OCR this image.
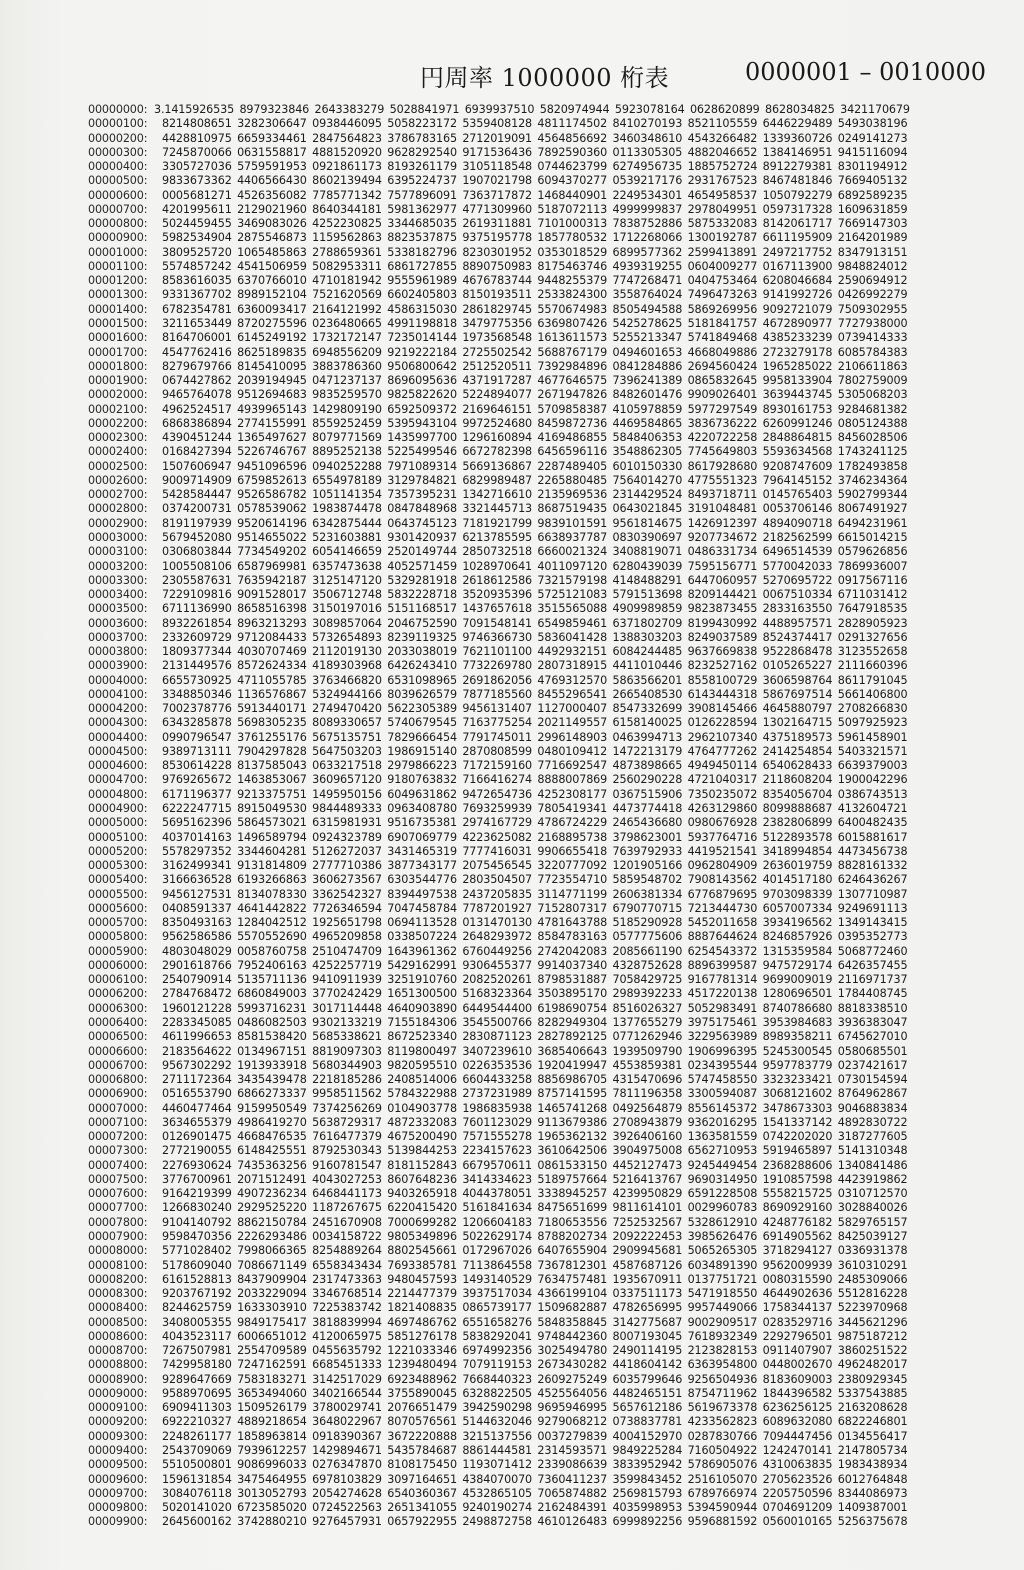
円周率 1000000 桁表	0000001 – 0010000
00000000: 3.1415926535 8979323846 2643383279 5028841971 6939937510 5820974944 5923078164 0628620899 8628034825 3421170679
00000100:	8214808651 3282306647 0938446095 5058223172 5359408128 4811174502 8410270193 8521105559 6446229489 5493038196
00000200:	4428810975 6659334461 2847564823 3786783165 2712019091 4564856692 3460348610 4543266482 1339360726 0249141273
00000300:	7245870066 0631558817 4881520920 9628292540 9171536436 7892590360 0113305305 4882046652 1384146951 9415116094
00000400:	3305727036 5759591953 0921861173 8193261179 3105118548 0744623799 6274956735 1885752724 8912279381 8301194912
00000500:	9833673362 4406566430 8602139494 6395224737 1907021798 6094370277 0539217176 2931767523 8467481846 7669405132
00000600:	0005681271 4526356082 7785771342 7577896091 7363717872 1468440901 2249534301 4654958537 1050792279 6892589235
00000700:	4201995611 2129021960 8640344181 5981362977 4771309960 5187072113 4999999837 2978049951 0597317328 1609631859
00000800:	5024459455 3469083026 4252230825 3344685035 2619311881 7101000313 7838752886 5875332083 8142061717 7669147303
00000900:	5982534904 2875546873 1159562863 8823537875 9375195778 1857780532 1712268066 1300192787 6611195909 2164201989
00001000:	3809525720 1065485863 2788659361 5338182796 8230301952 0353018529 6899577362 2599413891 2497217752 8347913151
00001100:	5574857242 4541506959 5082953311 6861727855 8890750983 8175463746 4939319255 0604009277 0167113900 9848824012
00001200:	8583616035 6370766010 4710181942 9555961989 4676783744 9448255379 7747268471 0404753464 6208046684 2590694912
00001300:	9331367702 8989152104 7521620569 6602405803 8150193511 2533824300 3558764024 7496473263 9141992726 0426992279
00001400:	6782354781 6360093417 2164121992 4586315030 2861829745 5570674983 8505494588 5869269956 9092721079 7509302955
00001500:	3211653449 8720275596 0236480665 4991198818 3479775356 6369807426 5425278625 5181841757 4672890977 7727938000
00001600:	8164706001 6145249192 1732172147 7235014144 1973568548 1613611573 5255213347 5741849468 4385233239 0739414333
00001700:	4547762416 8625189835 6948556209 9219222184 2725502542 5688767179 0494601653 4668049886 2723279178 6085784383
00001800:	8279679766 8145410095 3883786360 9506800642 2512520511 7392984896 0841284886 2694560424 1965285022 2106611863
00001900:	0674427862 2039194945 0471237137 8696095636 4371917287 4677646575 7396241389 0865832645 9958133904 7802759009
00002000:	9465764078 9512694683 9835259570 9825822620 5224894077 2671947826 8482601476 9909026401 3639443745 5305068203
00002100:	4962524517 4939965143 1429809190 6592509372 2169646151 5709858387 4105978859 5977297549 8930161753 9284681382
00002200:	6868386894 2774155991 8559252459 5395943104 9972524680 8459872736 4469584865 3836736222 6260991246 0805124388
00002300:	4390451244 1365497627 8079771569 1435997700 1296160894 4169486855 5848406353 4220722258 2848864815 8456028506
00002400:	0168427394 5226746767 8895252138 5225499546 6672782398 6456596116 3548862305 7745649803 5593634568 1743241125
00002500:	1507606947 9451096596 0940252288 7971089314 5669136867 2287489405 6010150330 8617928680 9208747609 1782493858
00002600:	9009714909 6759852613 6554978189 3129784821 6829989487 2265880485 7564014270 4775551323 7964145152 3746234364
00002700:	5428584447 9526586782 1051141354 7357395231 1342716610 2135969536 2314429524 8493718711 0145765403 5902799344
00002800:	0374200731 0578539062 1983874478 0847848968 3321445713 8687519435 0643021845 3191048481 0053706146 8067491927
00002900:	8191197939 9520614196 6342875444 0643745123 7181921799 9839101591 9561814675 1426912397 4894090718 6494231961
00003000:	5679452080 9514655022 5231603881 9301420937 6213785595 6638937787 0830390697 9207734672 2182562599 6615014215
00003100:	0306803844 7734549202 6054146659 2520149744 2850732518 6660021324 3408819071 0486331734 6496514539 0579626856
00003200:	1005508106 6587969981 6357473638 4052571459 1028970641 4011097120 6280439039 7595156771 5770042033 7869936007
00003300:	2305587631 7635942187 3125147120 5329281918 2618612586 7321579198 4148488291 6447060957 5270695722 0917567116
00003400:	7229109816 9091528017 3506712748 5832228718 3520935396 5725121083 5791513698 8209144421 0067510334 6711031412
00003500:	6711136990 8658516398 3150197016 5151168517 1437657618 3515565088 4909989859 9823873455 2833163550 7647918535
00003600:	8932261854 8963213293 3089857064 2046752590 7091548141 6549859461 6371802709 8199430992 4488957571 2828905923
00003700:	2332609729 9712084433 5732654893 8239119325 9746366730 5836041428 1388303203 8249037589 8524374417 0291327656
00003800:	1809377344 4030707469 2112019130 2033038019 7621101100 4492932151 6084244485 9637669838 9522868478 3123552658
00003900:	2131449576 8572624334 4189303968 6426243410 7732269780 2807318915 4411010446 8232527162 0105265227 2111660396
00004000:	6655730925 4711055785 3763466820 6531098965 2691862056 4769312570 5863566201 8558100729 3606598764 8611791045
00004100:	3348850346 1136576867 5324944166 8039626579 7877185560 8455296541 2665408530 6143444318 5867697514 5661406800
00004200:	7002378776 5913440171 2749470420 5622305389 9456131407 1127000407 8547332699 3908145466 4645880797 2708266830
00004300:	6343285878 5698305235 8089330657 5740679545 7163775254 2021149557 6158140025 0126228594 1302164715 5097925923
00004400:	0990796547 3761255176 5675135751 7829666454 7791745011 2996148903 0463994713 2962107340 4375189573 5961458901
00004500:	9389713111 7904297828 5647503203 1986915140 2870808599 0480109412 1472213179 4764777262 2414254854 5403321571
00004600:	8530614228 8137585043 0633217518 2979866223 7172159160 7716692547 4873898665 4949450114 6540628433 6639379003
00004700:	9769265672 1463853067 3609657120 9180763832 7166416274 8888007869 2560290228 4721040317 2118608204 1900042296
00004800:	6171196377 9213375751 1495950156 6049631862 9472654736 4252308177 0367515906 7350235072 8354056704 0386743513
00004900:	6222247715 8915049530 9844489333 0963408780 7693259939 7805419341 4473774418 4263129860 8099888687 4132604721
00005000:	5695162396 5864573021 6315981931 9516735381 2974167729 4786724229 2465436680 0980676928 2382806899 6400482435
00005100:	4037014163 1496589794 0924323789 6907069779 4223625082 2168895738 3798623001 5937764716 5122893578 6015881617
00005200:	5578297352 3344604281 5126272037 3431465319 7777416031 9906655418 7639792933 4419521541 3418994854 4473456738
00005300:	3162499341 9131814809 2777710386 3877343177 2075456545 3220777092 1201905166 0962804909 2636019759 8828161332
00005400:	3166636528 6193266863 3606273567 6303544776 2803504507 7723554710 5859548702 7908143562 4014517180 6246436267
00005500:	9456127531 8134078330 3362542327 8394497538 2437205835 3114771199 2606381334 6776879695 9703098339 1307710987
00005600:	0408591337 4641442822 7726346594 7047458784 7787201927 7152807317 6790770715 7213444730 6057007334 9249691113
00005700:	8350493163 1284042512 1925651798 0694113528 0131470130 4781643788 5185290928 5452011658 3934196562 1349143415
00005800:	9562586586 5570552690 4965209858 0338507224 2648293972 8584783163 0577775606 8887644624 8246857926 0395352773
00005900:	4803048029 0058760758 2510474709 1643961362 6760449256 2742042083 2085661190 6254543372 1315359584 5068772460
00006000:	2901618766 7952406163 4252257719 5429162991 9306455377 9914037340 4328752628 8896399587 9475729174 6426357455
00006100:	2540790914 5135711136 9410911939 3251910760 2082520261 8798531887 7058429725 9167781314 9699009019 2116971737
00006200:	2784768472 6860849003 3770242429 1651300500 5168323364 3503895170 2989392233 4517220138 1280696501 1784408745
00006300:	1960121228 5993716231 3017114448 4640903890 6449544400 6198690754 8516026327 5052983491 8740786680 8818338510
00006400:	2283345085 0486082503 9302133219 7155184306 3545500766 8282949304 1377655279 3975175461 3953984683 3936383047
00006500:	4611996653 8581538420 5685338621 8672523340 2830871123 2827892125 0771262946 3229563989 8989358211 6745627010
00006600:	2183564622 0134967151 8819097303 8119800497 3407239610 3685406643 1939509790 1906996395 5245300545 0580685501
00006700:	9567302292 1913933918 5680344903 9820595510 0226353536 1920419947 4553859381 0234395544 9597783779 0237421617
00006800:	2711172364 3435439478 2218185286 2408514006 6604433258 8856986705 4315470696 5747458550 3323233421 0730154594
00006900:	0516553790 6866273337 9958511562 5784322988 2737231989 8757141595 7811196358 3300594087 3068121602 8764962867
00007000:	4460477464 9159950549 7374256269 0104903778 1986835938 1465741268 0492564879 8556145372 3478673303 9046883834
00007100:	3634655379 4986419270 5638729317 4872332083 7601123029 9113679386 2708943879 9362016295 1541337142 4892830722
00007200:	0126901475 4668476535 7616477379 4675200490 7571555278 1965362132 3926406160 1363581559 0742202020 3187277605
00007300:	2772190055 6148425551 8792530343 5139844253 2234157623 3610642506 3904975008 6562710953 5919465897 5141310348
00007400:	2276930624 7435363256 9160781547 8181152843 6679570611 0861533150 4452127473 9245449454 2368288606 1340841486
00007500:	3776700961 2071512491 4043027253 8607648236 3414334623 5189757664 5216413767 9690314950 1910857598 4423919862
00007600:	9164219399 4907236234 6468441173 9403265918 4044378051 3338945257 4239950829 6591228508 5558215725 0310712570
00007700:	1266830240 2929525220 1187267675 6220415420 5161841634 8475651699 9811614101 0029960783 8690929160 3028840026
00007800:	9104140792 8862150784 2451670908 7000699282 1206604183 7180653556 7252532567 5328612910 4248776182 5829765157
00007900:	9598470356 2226293486 0034158722 9805349896 5022629174 8788202734 2092222453 3985626476 6914905562 8425039127
00008000:	5771028402 7998066365 8254889264 8802545661 0172967026 6407655904 2909945681 5065265305 3718294127 0336931378
00008100:	5178609040 7086671149 6558343434 7693385781 7113864558 7367812301 4587687126 6034891390 9562009939 3610310291
00008200:	6161528813 8437909904 2317473363 9480457593 1493140529 7634757481 1935670911 0137751721 0080315590 2485309066
00008300:	9203767192 2033229094 3346768514 2214477379 3937517034 4366199104 0337511173 5471918550 4644902636 5512816228
00008400:	8244625759 1633303910 7225383742 1821408835 0865739177 1509682887 4782656995 9957449066 1758344137 5223970968
00008500:	3408005355 9849175417 3818839994 4697486762 6551658276 5848358845 3142775687 9002909517 0283529716 3445621296
00008600:	4043523117 6006651012 4120065975 5851276178 5838292041 9748442360 8007193045 7618932349 2292796501 9875187212
00008700:	7267507981 2554709589 0455635792 1221033346 6974992356 3025494780 2490114195 2123828153 0911407907 3860251522
00008800:	7429958180 7247162591 6685451333 1239480494 7079119153 2673430282 4418604142 6363954800 0448002670 4962482017
00008900:	9289647669 7583183271 3142517029 6923488962 7668440323 2609275249 6035799646 9256504936 8183609003 2380929345
00009000:	9588970695 3653494060 3402166544 3755890045 6328822505 4525564056 4482465151 8754711962 1844396582 5337543885
00009100:	6909411303 1509526179 3780029741 2076651479 3942590298 9695946995 5657612186 5619673378 6236256125 2163208628
00009200:	6922210327 4889218654 3648022967 8070576561 5144632046 9279068212 0738837781 4233562823 6089632080 6822246801
00009300:	2248261177 1858963814 0918390367 3672220888 3215137556 0037279839 4004152970 0287830766 7094447456 0134556417
00009400:	2543709069 7939612257 1429894671 5435784687 8861444581 2314593571 9849225284 7160504922 1242470141 2147805734
00009500:	5510500801 9086996033 0276347870 8108175450 1193071412 2339086639 3833952942 5786905076 4310063835 1983438934
00009600:	1596131854 3475464955 6978103829 3097164651 4384070070 7360411237 3599843452 2516105070 2705623526 6012764848
00009700:	3084076118 3013052793 2054274628 6540360367 4532865105 7065874882 2569815793 6789766974 2205750596 8344086973
00009800:	5020141020 6723585020 0724522563 2651341055 9240190274 2162484391 4035998953 5394590944 0704691209 1409387001
00009900:	2645600162 3742880210 9276457931 0657922955 2498872758 4610126483 6999892256 9596881592 0560010165 5256375678
